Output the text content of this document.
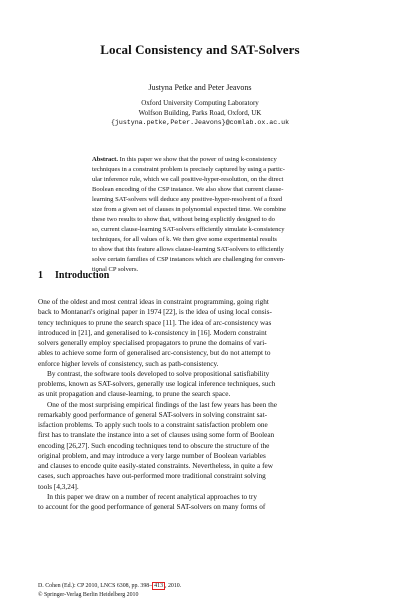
Local Consistency and SAT-Solvers
Justyna Petke and Peter Jeavons
Oxford University Computing Laboratory
Wolfson Building, Parks Road, Oxford, UK
{justyna.petke,Peter.Jeavons}@comlab.ox.ac.uk
Abstract. In this paper we show that the power of using k-consistency
techniques in a constraint problem is precisely captured by using a partic-
ular inference rule, which we call positive-hyper-resolution, on the direct
Boolean encoding of the CSP instance. We also show that current clause-
learning SAT-solvers will deduce any positive-hyper-resolvent of a fixed
size from a given set of clauses in polynomial expected time. We combine
these two results to show that, without being explicitly designed to do
so, current clause-learning SAT-solvers efficiently simulate k-consistency
techniques, for all values of k. We then give some experimental results
to show that this feature allows clause-learning SAT-solvers to efficiently
solve certain families of CSP instances which are challenging for conven-
tional CP solvers.
1 Introduction
One of the oldest and most central ideas in constraint programming, going right
back to Montanari's original paper in 1974 [22], is the idea of using local consis-
tency techniques to prune the search space [11]. The idea of arc-consistency was
introduced in [21], and generalised to k-consistency in [16]. Modern constraint
solvers generally employ specialised propagators to prune the domains of vari-
ables to achieve some form of generalised arc-consistency, but do not attempt to
enforce higher levels of consistency, such as path-consistency.
By contrast, the software tools developed to solve propositional satisfiability
problems, known as SAT-solvers, generally use logical inference techniques, such
as unit propagation and clause-learning, to prune the search space.
One of the most surprising empirical findings of the last few years has been the
remarkably good performance of general SAT-solvers in solving constraint sat-
isfaction problems. To apply such tools to a constraint satisfaction problem one
first has to translate the instance into a set of clauses using some form of Boolean
encoding [26,27]. Such encoding techniques tend to obscure the structure of the
original problem, and may introduce a very large number of Boolean variables
and clauses to encode quite easily-stated constraints. Nevertheless, in quite a few
cases, such approaches have out-performed more traditional constraint solving
tools [4,3,24].
In this paper we draw on a number of recent analytical approaches to try
to account for the good performance of general SAT-solvers on many forms of
D. Cohen (Ed.): CP 2010, LNCS 6308, pp. 398– 413 , 2010.
© Springer-Verlag Berlin Heidelberg 2010
